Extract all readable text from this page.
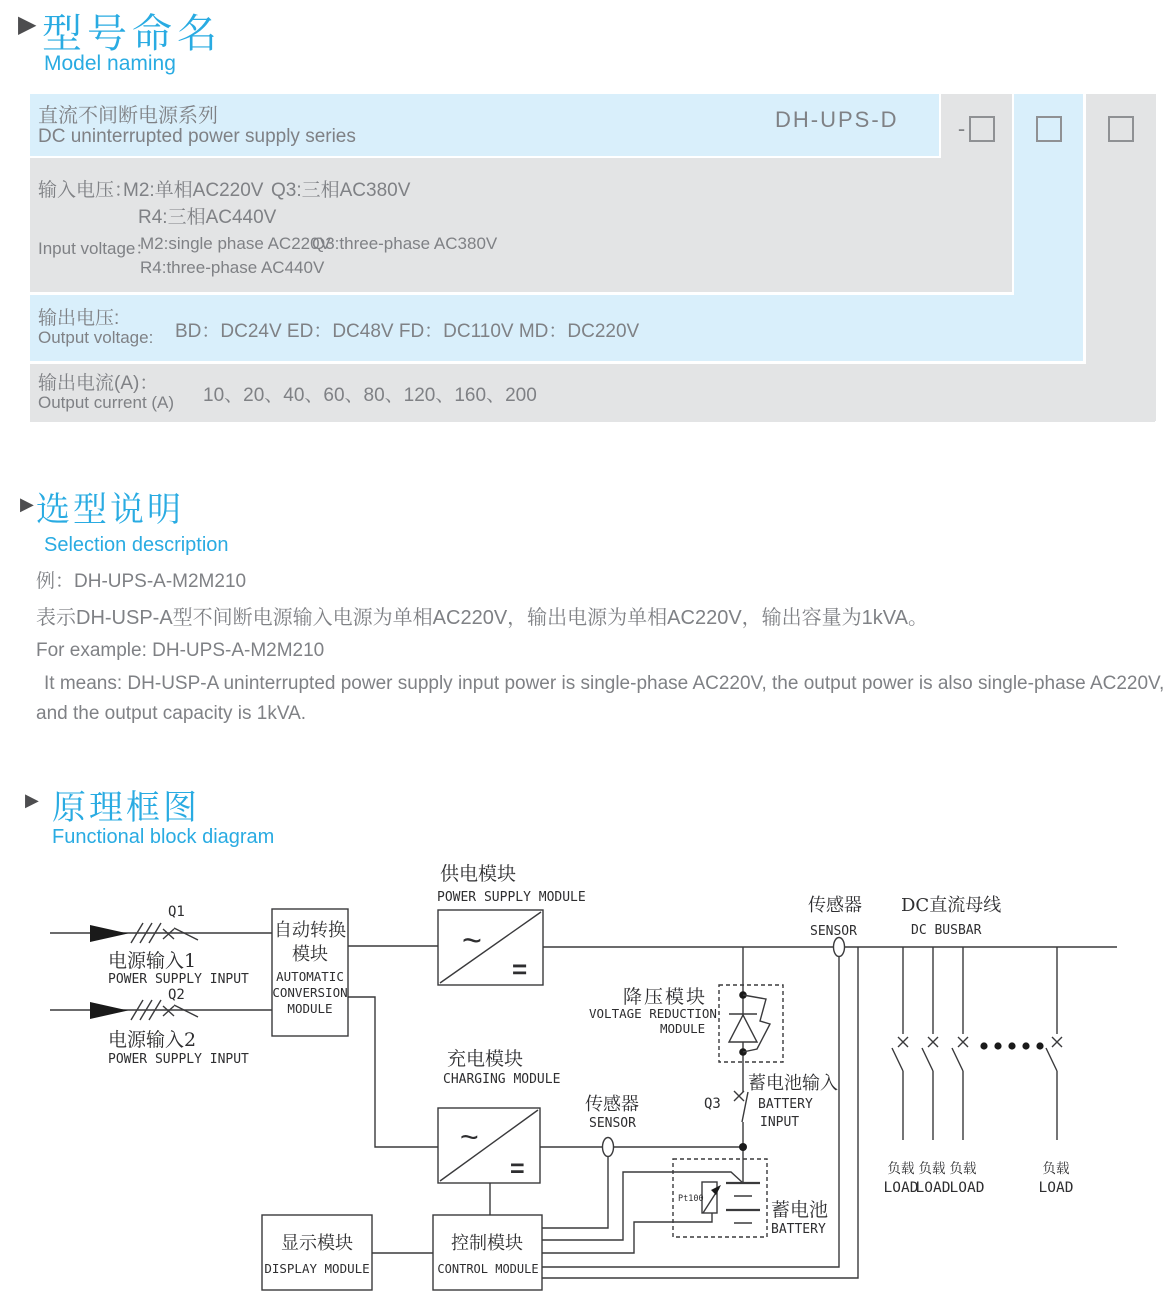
▶ 型号命名
Model naming
直流不间断电源系列
DC uninterrupted power supply series
DH-UPS-D	-
输入电压：
M2:单相AC220V Q3:三相AC380V
R4:三相AC440V
Input voltage：
M2:single phase AC220V
Q3:three-phase AC380V
R4:three-phase AC440V
输出电压:
Output voltage: BD：DC24V ED：DC48V FD：DC110V MD：DC220V
输出电流(A)：
Output current (A) 10、20、40、60、80、120、160、200
▶ 选型说明
Selection description
例：DH-UPS-A-M2M210
表示DH-USP-A型不间断电源输入电源为单相AC220V，输出电源为单相AC220V，输出容量为1kVA。
For example: DH-UPS-A-M2M210
It means: DH-USP-A uninterrupted power supply input power is single-phase AC220V, the output power is also single-phase AC220V,
and the output capacity is 1kVA.
▶ 原理框图
Functional block diagram
供电模块
POWER SUPPLY MODULE
Q1
电源输入1
POWER SUPPLY INPUT
Q2
电源输入2
POWER SUPPLY INPUT
自动转换
模块
AUTOMATIC
CONVERSION
MODULE
~
=
传感器
SENSOR
DC直流母线
DC BUSBAR
降压模块
VOLTAGE REDUCTION
MODULE
充电模块
CHARGING MODULE
~
=
传感器
SENSOR
Q3
蓄电池输入
BATTERY
INPUT
Pt100	蓄电池
BATTERY
显示模块
DISPLAY MODULE
控制模块
CONTROL MODULE
负载 负载 负载	负载
LOAD
LOAD LOAD	LOAD
